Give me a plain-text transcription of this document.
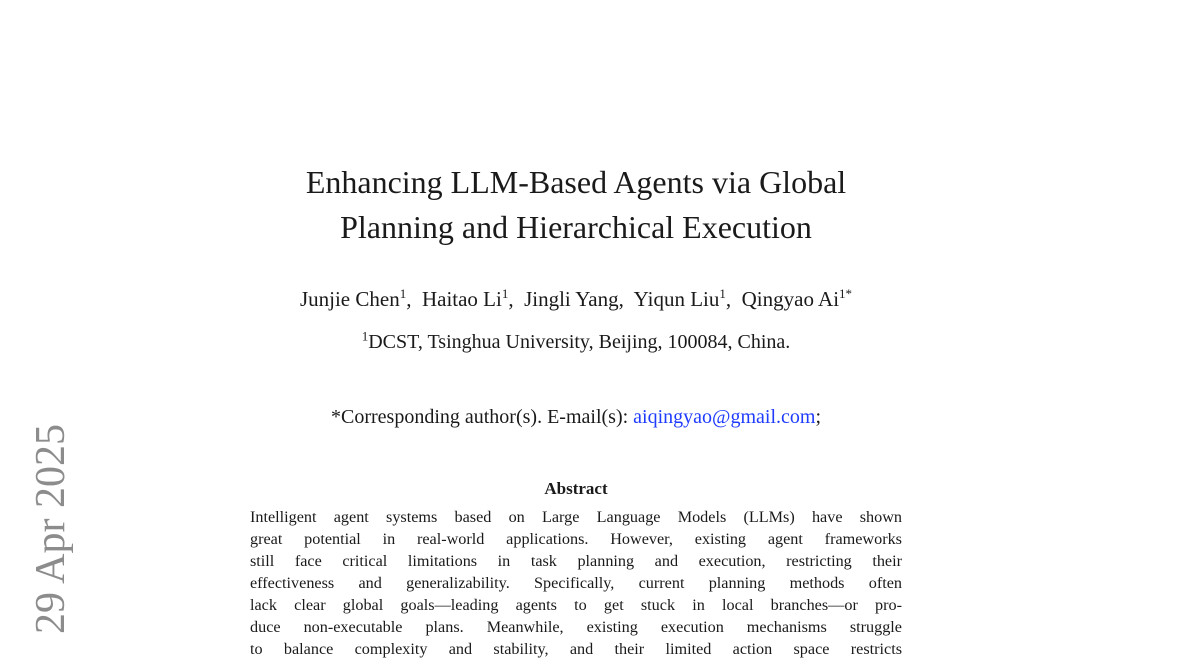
29 Apr 2025
Enhancing LLM-Based Agents via Global
Planning and Hierarchical Execution
Junjie Chen$^1$,  Haitao Li$^1$,  Jingli Yang,  Yiqun Liu$^1$,  Qingyao $Ai^{1*}$
$^1$DCST, Tsinghua University, Beijing, 100084, China.
*Corresponding author(s). E-mail(s): aiqingyao@gmail.com;
Abstract
Intelligent agent systems based on Large Language Models (LLMs) have shown
great potential in real-world applications. However, existing agent frameworks
still face critical limitations in task planning and execution, restricting their
effectiveness and generalizability. Specifically, current planning methods often
lack clear global goals—leading agents to get stuck in local branches—or pro-
duce non-executable plans. Meanwhile, existing execution mechanisms struggle
to balance complexity and stability, and their limited action space restricts
